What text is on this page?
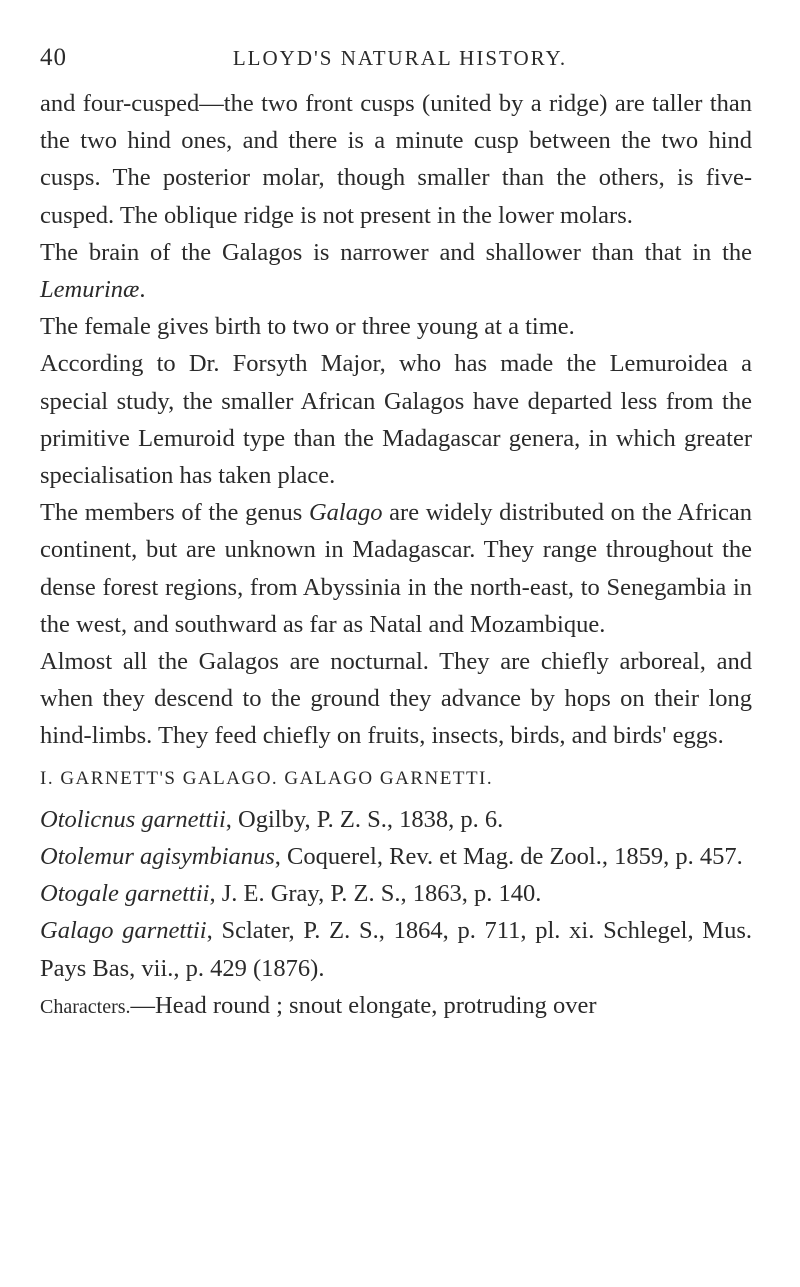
40	LLOYD'S NATURAL HISTORY.

and four-cusped—the two front cusps (united by a ridge) are taller than the two hind ones, and there is a minute cusp between the two hind cusps. The posterior molar, though smaller than the others, is five-cusped. The oblique ridge is not present in the lower molars.

The brain of the Galagos is narrower and shallower than that in the Lemurinæ.

The female gives birth to two or three young at a time.

According to Dr. Forsyth Major, who has made the Lemuroidea a special study, the smaller African Galagos have departed less from the primitive Lemuroid type than the Madagascar genera, in which greater specialisation has taken place.

The members of the genus Galago are widely distributed on the African continent, but are unknown in Madagascar. They range throughout the dense forest regions, from Abyssinia in the north-east, to Senegambia in the west, and southward as far as Natal and Mozambique.

Almost all the Galagos are nocturnal. They are chiefly arboreal, and when they descend to the ground they advance by hops on their long hind-limbs. They feed chiefly on fruits, insects, birds, and birds' eggs.

I. GARNETT'S GALAGO. GALAGO GARNETTI.

Otolicnus garnettii, Ogilby, P. Z. S., 1838, p. 6.

Otolemur agisymbianus, Coquerel, Rev. et Mag. de Zool., 1859, p. 457.

Otogale garnettii, J. E. Gray, P. Z. S., 1863, p. 140.

Galago garnettii, Sclater, P. Z. S., 1864, p. 711, pl. xi. Schlegel, Mus. Pays Bas, vii., p. 429 (1876).

Characters.—Head round ; snout elongate, protruding over
